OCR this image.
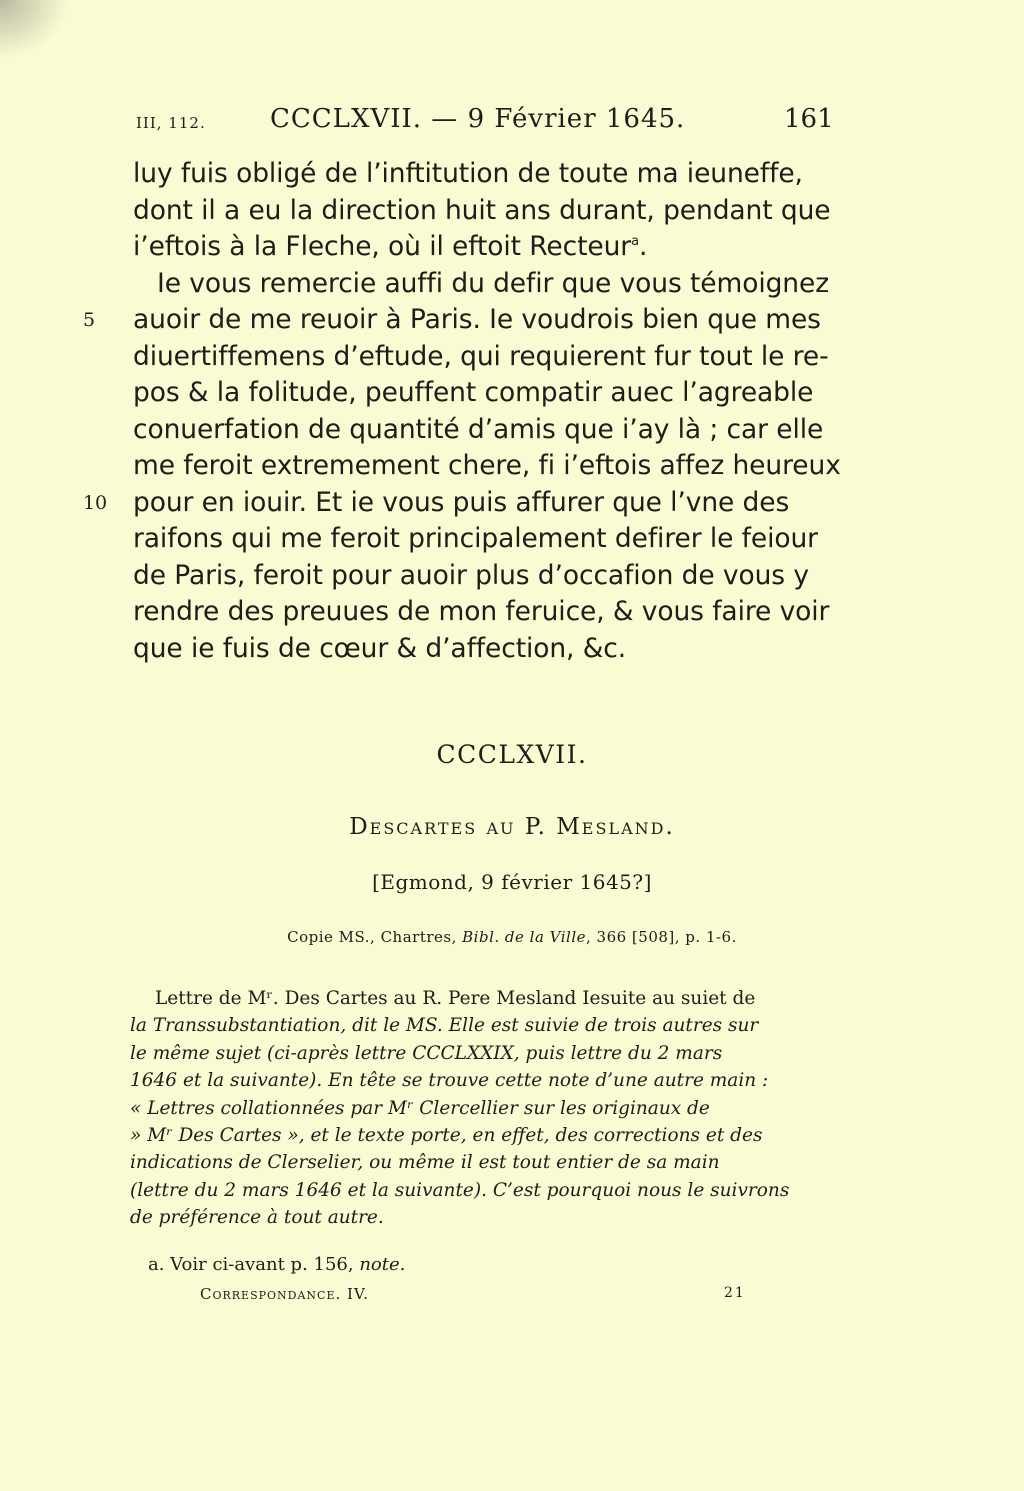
III, 112. CCCLXVII. — 9 Février 1645.	161
luy fuis obligé de l’inftitution de toute ma ieuneffe,
dont il a eu la direction huit ans durant, pendant que
i’eftois à la Fleche, où il eftoit Recteur$^a$.
Ie vous remercie auffi du defir que vous témoignez
5 auoir de me reuoir à Paris. Ie voudrois bien que mes
diuertiffemens d’eftude, qui requierent fur tout le re-
pos & la folitude, peuffent compatir auec l’agreable
conuerfation de quantité d’amis que i’ay là ; car elle
me feroit extremement chere, fi i’eftois affez heureux
10 pour en iouir. Et ie vous puis affurer que l’vne des
raifons qui me feroit principalement defirer le feiour
de Paris, feroit pour auoir plus d’occafion de vous y
rendre des preuues de mon feruice, & vous faire voir
que ie fuis de cœur & d’affection, &c.
CCCLXVII.
Descartes au P. Mesland.
[Egmond, 9 février 1645?]
Copie MS., Chartres, Bibl. de la Ville, 366 [508], p. 1-6.
Lettre de Mʳ. Des Cartes au R. Pere Mesland Iesuite au suiet de
la Transsubstantiation, dit le MS. Elle est suivie de trois autres sur
le même sujet (ci-après lettre CCCLXXIX, puis lettre du 2 mars
1646 et la suivante). En tête se trouve cette note d’une autre main :
« Lettres collationnées par Mʳ Clercellier sur les originaux de
» Mʳ Des Cartes », et le texte porte, en effet, des corrections et des
indications de Clerselier, ou même il est tout entier de sa main
(lettre du 2 mars 1646 et la suivante). C’est pourquoi nous le suivrons
de préférence à tout autre.
a. Voir ci-avant p. 156, note.
Correspondance. IV.	21
